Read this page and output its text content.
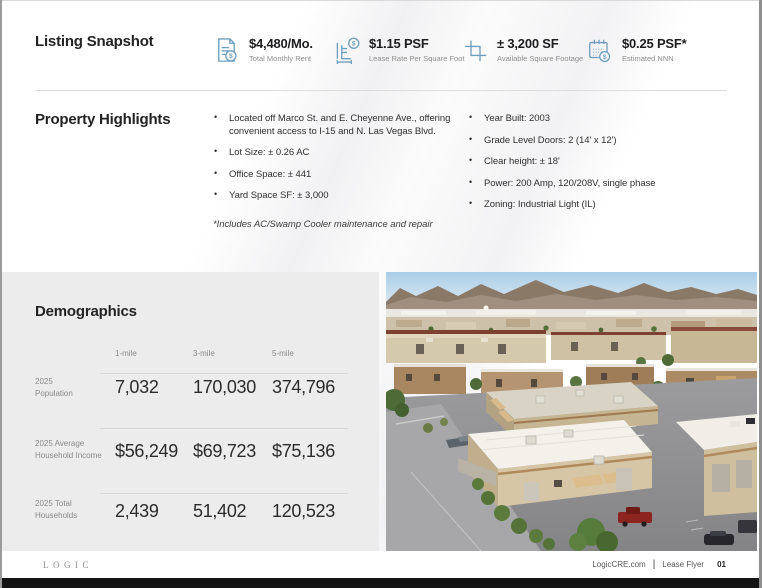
Listing Snapshot
$
$4,480/Mo.
Total Monthly Rent
$ $1.15 PSF
Lease Rate Per Square Foot
± 3,200 SF
Available Square Footage	$
$0.25 PSF*
Estimated NNN
Property Highlights	• Located off Marco St. and E. Cheyenne Ave., offering convenient access to I-15 and N. Las Vegas Blvd.
• Lot Size: ± 0.26 AC
• Office Space: ± 441
• Yard Space SF: ± 3,000
• Year Built: 2003
• Grade Level Doors: 2 (14' x 12')
• Clear height: ± 18'
• Power: 200 Amp, 120/208V, single phase
• Zoning: Industrial Light (IL)
*Includes AC/Swamp Cooler maintenance and repair
Demographics
1-mile	3-mile	5-mile
2025
Population	7,032 170,030 374,796
2025 Average
Household Income $56,249 $69,723 $75,136
2025 Total
Households	2,439 51,402 120,523
LOGIC	LogicCRE.com | Lease Flyer 01
